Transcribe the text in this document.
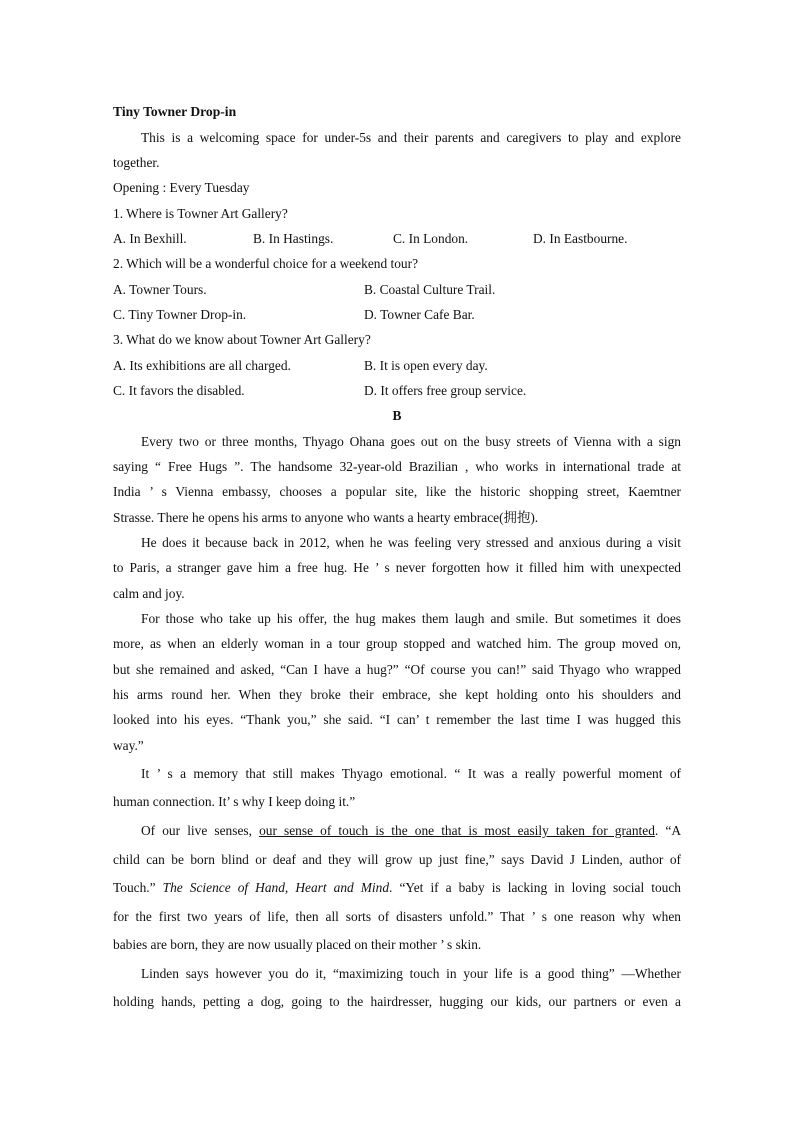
Tiny Towner Drop-in
This is a welcoming space for under-5s and their parents and caregivers to play and explore
together.
Opening : Every Tuesday
1. Where is Towner Art Gallery?
A. In Bexhill.	B. In Hastings.	C. In London.	D. In Eastbourne.
2. Which will be a wonderful choice for a weekend tour?
A. Towner Tours.	B. Coastal Culture Trail.
C. Tiny Towner Drop-in.	D. Towner Cafe Bar.
3. What do we know about Towner Art Gallery?
A. Its exhibitions are all charged.	B. It is open every day.
C. It favors the disabled.	D. It offers free group service.
B
Every two or three months, Thyago Ohana goes out on the busy streets of Vienna with a sign
saying “ Free Hugs ”. The handsome 32-year-old Brazilian , who works in international trade at
India ’ s Vienna embassy, chooses a popular site, like the historic shopping street, Kaemtner
Strasse. There he opens his arms to anyone who wants a hearty embrace(拥抱).
He does it because back in 2012, when he was feeling very stressed and anxious during a visit
to Paris, a stranger gave him a free hug. He ’ s never forgotten how it filled him with unexpected
calm and joy.
For those who take up his offer, the hug makes them laugh and smile. But sometimes it does
more, as when an elderly woman in a tour group stopped and watched him. The group moved on,
but she remained and asked, “Can I have a hug?” “Of course you can!” said Thyago who wrapped
his arms round her. When they broke their embrace, she kept holding onto his shoulders and
looked into his eyes. “Thank you,” she said. “I can’ t remember the last time I was hugged this
way.”
It ’ s a memory that still makes Thyago emotional. “ It was a really powerful moment of
human connection. It’ s why I keep doing it.”
Of our live senses, our sense of touch is the one that is most easily taken for granted. “A
child can be born blind or deaf and they will grow up just fine,” says David J Linden, author of
Touch.” The Science of Hand, Heart and Mind. “Yet if a baby is lacking in loving social touch
for the first two years of life, then all sorts of disasters unfold.” That ’ s one reason why when
babies are born, they are now usually placed on their mother ’ s skin.
Linden says however you do it, “maximizing touch in your life is a good thing” —Whether
holding hands, petting a dog, going to the hairdresser, hugging our kids, our partners or even a
